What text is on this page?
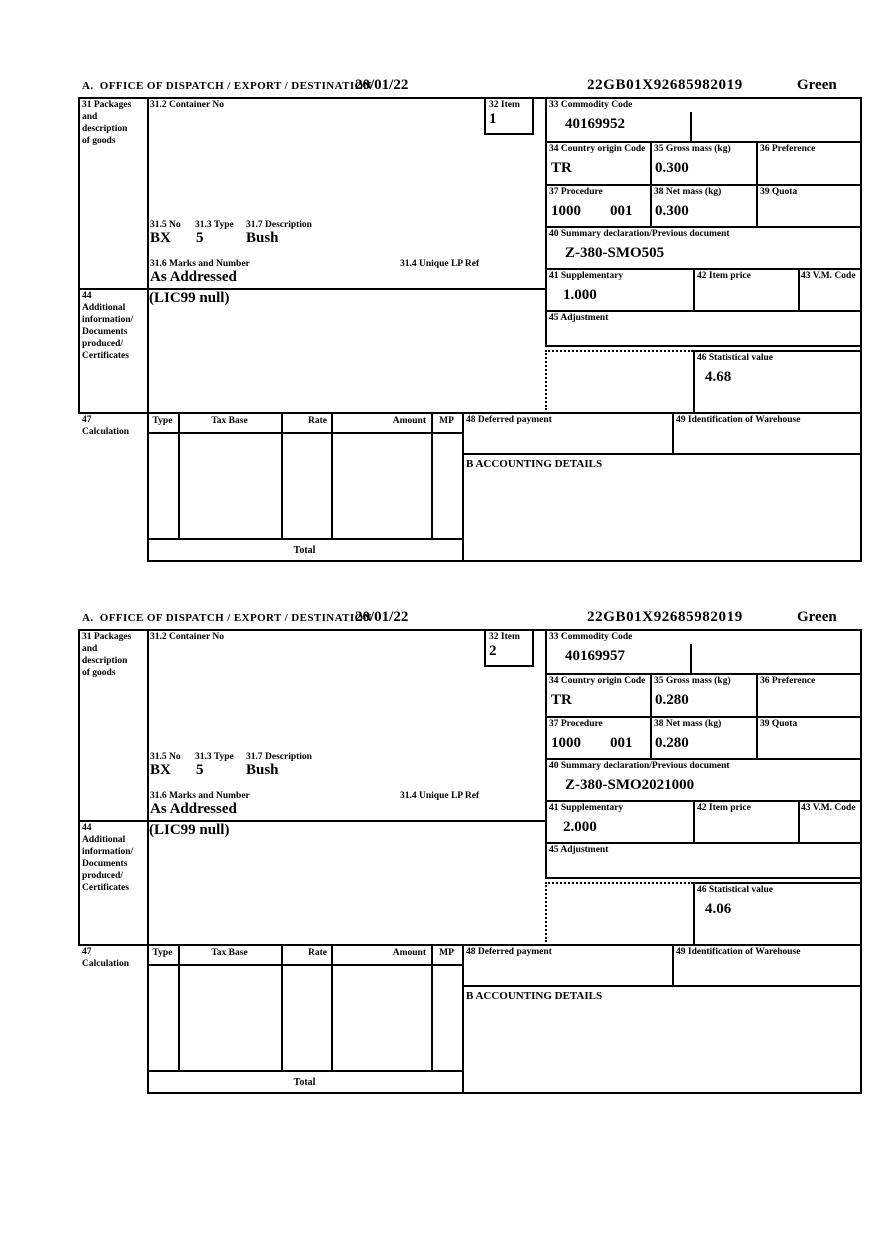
A.  OFFICE OF DISPATCH / EXPORT / DESTINATION
20/01/22	22GB01X92685982019	Green
31 Packages
and
description
of goods
31.2 Container No	32 Item
1
33 Commodity Code
40169952
34 Country origin Code
TR
35 Gross mass (kg)
0.300
36 Preference
37 Procedure
1000 001
38 Net mass (kg)
0.300
39 Quota
40 Summary declaration/Previous document
Z-380-SMO505
41 Supplementary
1.000
42 Item price	43 V.M. Code
45 Adjustment
46 Statistical value
4.68
31.5 No 31.3 Type 31.7 Description
BX 5	Bush
31.6 Marks and Number	31.4 Unique LP Ref
As Addressed
44
Additional
information/
Documents
produced/
Certificates
(LIC99 null)
47
Calculation
Type	Tax Base	Rate	Amount	MP
Total
48 Deferred payment	49 Identification of Warehouse
B ACCOUNTING DETAILS
A.  OFFICE OF DISPATCH / EXPORT / DESTINATION
20/01/22	22GB01X92685982019	Green
31 Packages
and
description
of goods
31.2 Container No	32 Item
2
33 Commodity Code
40169957
34 Country origin Code
TR
35 Gross mass (kg)
0.280
36 Preference
37 Procedure
1000 001
38 Net mass (kg)
0.280
39 Quota
40 Summary declaration/Previous document
Z-380-SMO2021000
41 Supplementary
2.000
42 Item price	43 V.M. Code
45 Adjustment
46 Statistical value
4.06
31.5 No 31.3 Type 31.7 Description
BX 5	Bush
31.6 Marks and Number	31.4 Unique LP Ref
As Addressed
44
Additional
information/
Documents
produced/
Certificates
(LIC99 null)
47
Calculation
Type	Tax Base	Rate	Amount	MP
Total
48 Deferred payment	49 Identification of Warehouse
B ACCOUNTING DETAILS
